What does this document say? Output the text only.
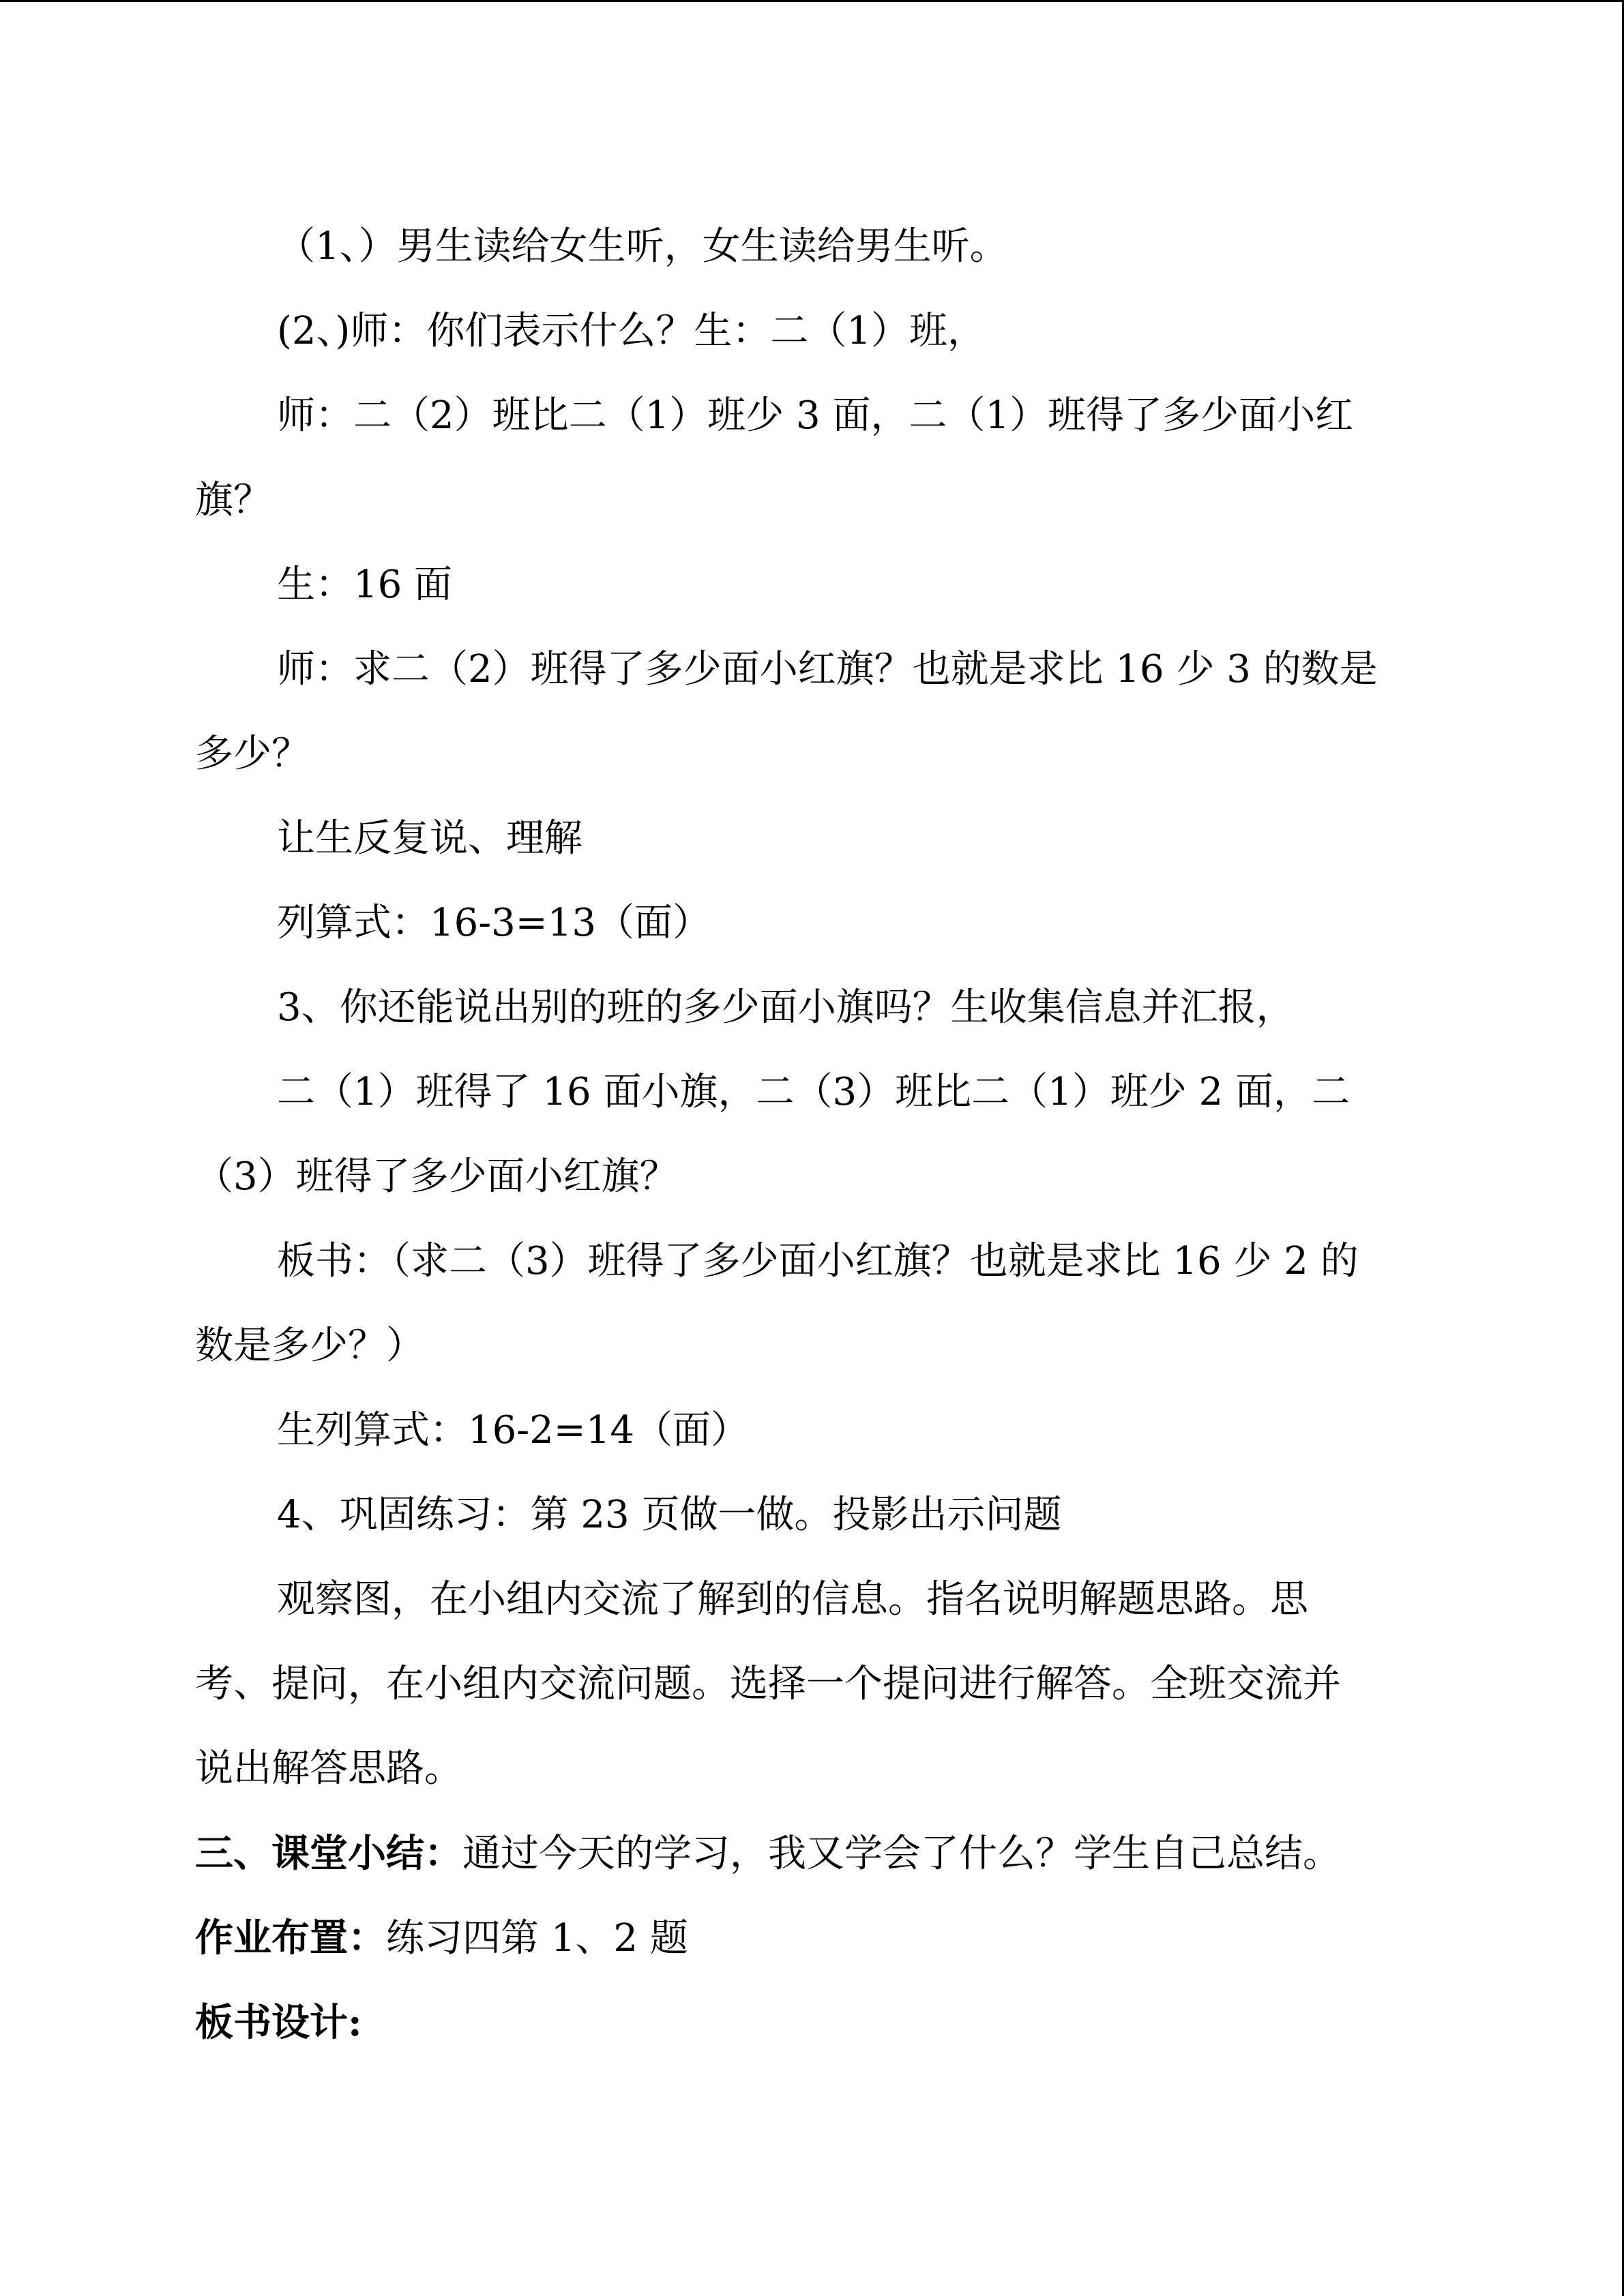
（1、）男生读给女生听，女生读给男生听。
(2、)师：你们表示什么？生：二（1）班，
师：二（2）班比二（1）班少 3 面，二（1）班得了多少面小红
旗？
生：16 面
师：求二（2）班得了多少面小红旗？也就是求比 16 少 3 的数是
多少？
让生反复说、理解
列算式：16-3=13（面）
3、你还能说出别的班的多少面小旗吗？生收集信息并汇报，
二（1）班得了 16 面小旗，二（3）班比二（1）班少 2 面，二
（3）班得了多少面小红旗？
板书：（求二（3）班得了多少面小红旗？也就是求比 16 少 2 的
数是多少？）
生列算式：16-2=14（面）
4、巩固练习：第 23 页做一做。投影出示问题
观察图，在小组内交流了解到的信息。指名说明解题思路。思
考、提问，在小组内交流问题。选择一个提问进行解答。全班交流并
说出解答思路。
三、课堂小结：通过今天的学习，我又学会了什么？学生自己总结。
作业布置：练习四第 1、2 题
板书设计:
